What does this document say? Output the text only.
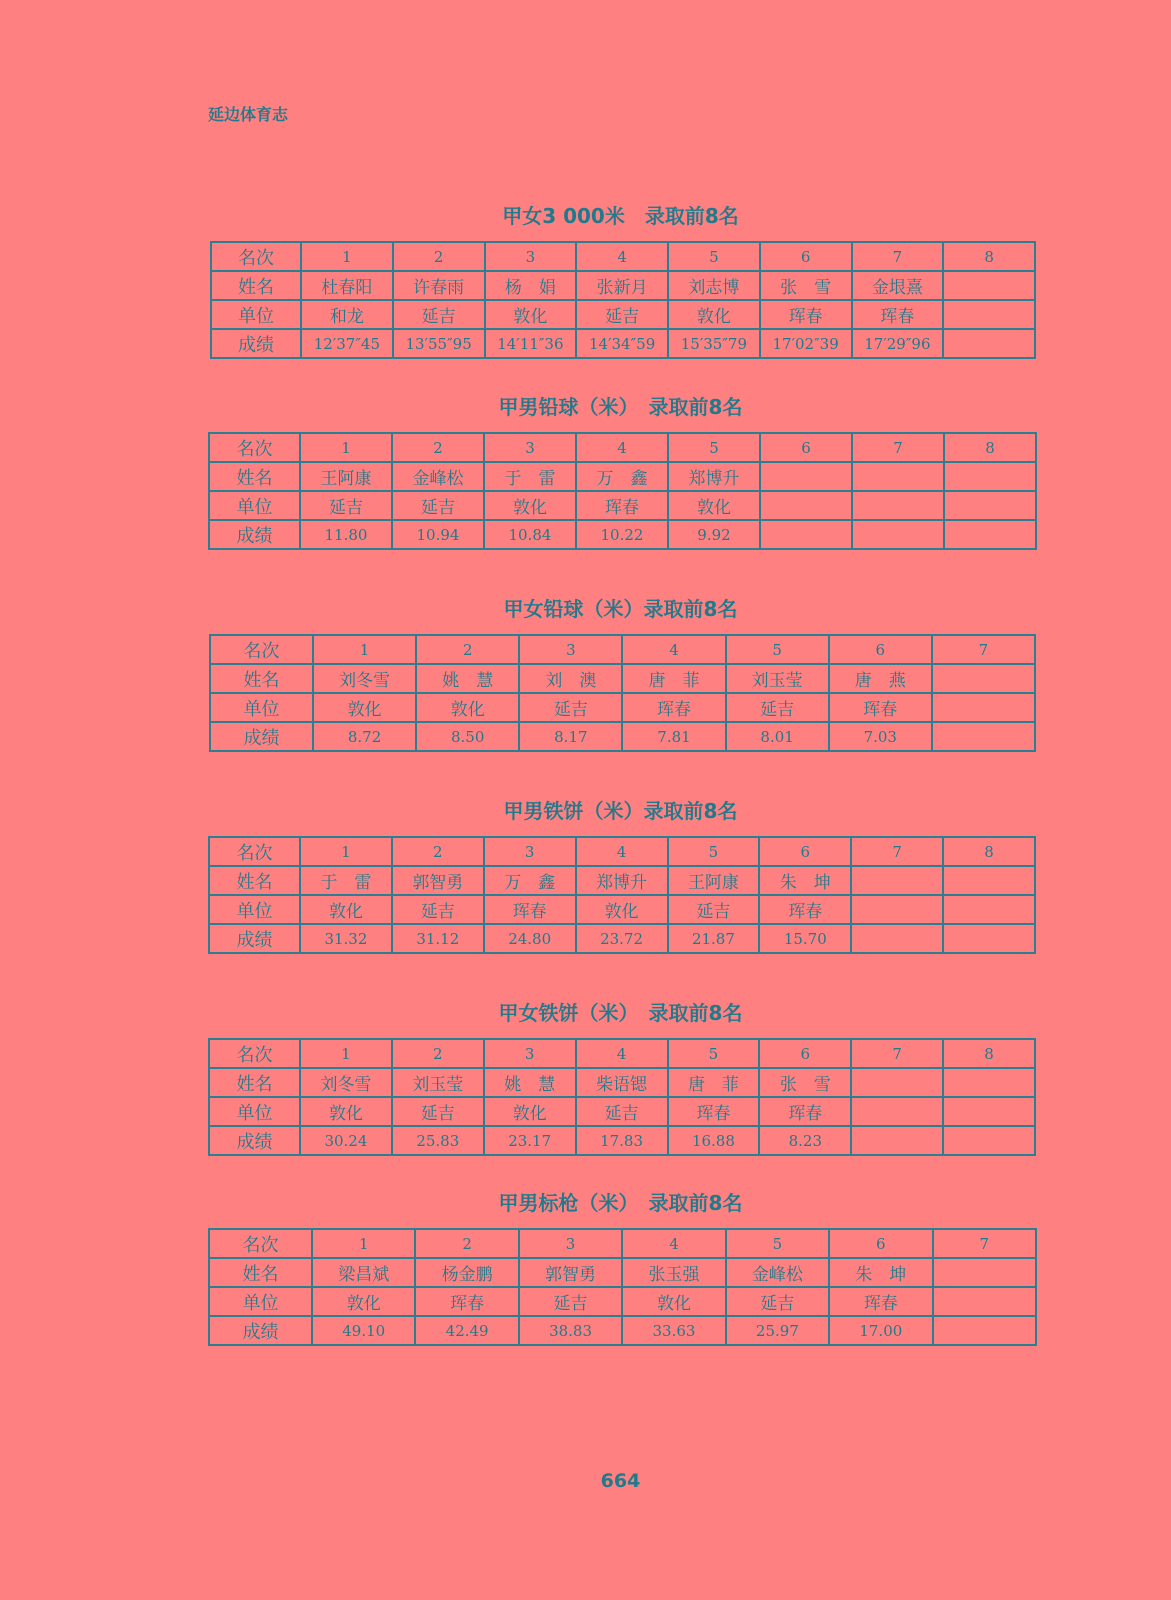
延边体育志
甲女3 000米　录取前8名
名次	1	2	3	4	5	6	7	8
姓名	杜春阳	许春雨	杨　娟	张新月	刘志博	张　雪	金垠熹	
单位	和龙	延吉	敦化	延吉	敦化	珲春	珲春	
成绩	12′37″45	13′55″95	14′11″36	14′34″59	15′35″79	17′02″39	17′29″96	
甲男铅球（米）　录取前8名
名次	1	2	3	4	5	6	7	8
姓名	王阿康	金峰松	于　雷	万　鑫	郑博升			
单位	延吉	延吉	敦化	珲春	敦化			
成绩	11.80	10.94	10.84	10.22	9.92			
甲女铅球（米）录取前8名
名次	1	2	3	4	5	6	7
姓名	刘冬雪	姚　慧	刘　澳	唐　菲	刘玉莹	唐　燕	
单位	敦化	敦化	延吉	珲春	延吉	珲春	
成绩	8.72	8.50	8.17	7.81	8.01	7.03	
甲男铁饼（米）录取前8名
名次	1	2	3	4	5	6	7	8
姓名	于　雷	郭智勇	万　鑫	郑博升	王阿康	朱　坤		
单位	敦化	延吉	珲春	敦化	延吉	珲春		
成绩	31.32	31.12	24.80	23.72	21.87	15.70		
甲女铁饼（米）　录取前8名
名次	1	2	3	4	5	6	7	8
姓名	刘冬雪	刘玉莹	姚　慧	柴语锶	唐　菲	张　雪		
单位	敦化	延吉	敦化	延吉	珲春	珲春		
成绩	30.24	25.83	23.17	17.83	16.88	8.23		
甲男标枪（米）　录取前8名
名次	1	2	3	4	5	6	7
姓名	梁昌斌	杨金鹏	郭智勇	张玉强	金峰松	朱　坤	
单位	敦化	珲春	延吉	敦化	延吉	珲春	
成绩	49.10	42.49	38.83	33.63	25.97	17.00	
664
